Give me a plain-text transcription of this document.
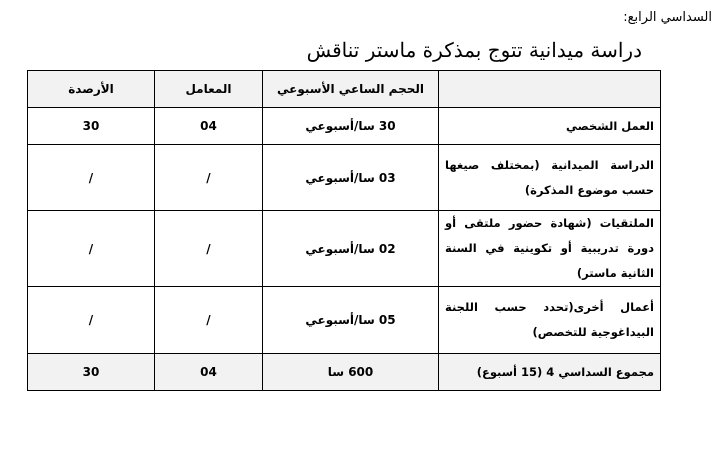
السداسي الرابع:
دراسة ميدانية تتوج بمذكرة ماستر تناقش
	الحجم الساعي الأسبوعي	المعامل	الأرصدة
العمل الشخصي	30 سا/أسبوعي	04	30
الدراسة الميدانية (بمختلف صيغها حسب موضوع المذكرة)	03 سا/أسبوعي	/	/
الملتقيات (شهادة حضور ملتقى أو دورة تدريبية أو تكوينية في السنة الثانية ماستر)	02 سا/أسبوعي	/	/
أعمال أخرى(تحدد حسب اللجنة البيداغوجية للتخصص)	05 سا/أسبوعي	/	/
مجموع السداسي 4 (15 أسبوع)	600 سا	04	30
